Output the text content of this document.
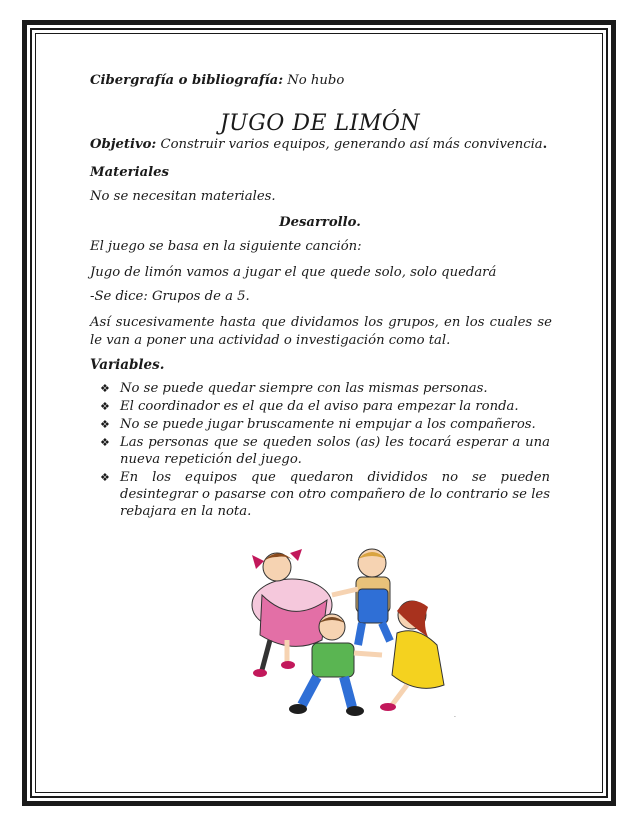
Cibergrafía o bibliografía: No hubo

JUGO DE LIMÓN

Objetivo: Construir varios equipos, generando así más convivencia.

Materiales

No se necesitan materiales.

Desarrollo.

El juego se basa en la siguiente canción:

Jugo de limón vamos a jugar el que quede solo, solo quedará

-Se dice: Grupos de a 5.

Así sucesivamente hasta que dividamos los grupos, en los cuales se le van a poner una actividad o investigación como tal.

Variables.

❖ No se puede quedar siempre con las mismas personas.
❖ El coordinador es el que da el aviso para empezar la ronda.
❖ No se puede jugar bruscamente ni empujar a los compañeros.
❖ Las personas que se queden solos (as) les tocará esperar a una nueva repetición del juego.
❖ En los equipos que quedaron divididos no se pueden desintegrar o pasarse con otro compañero de lo contrario se les rebajara en la nota.
.
